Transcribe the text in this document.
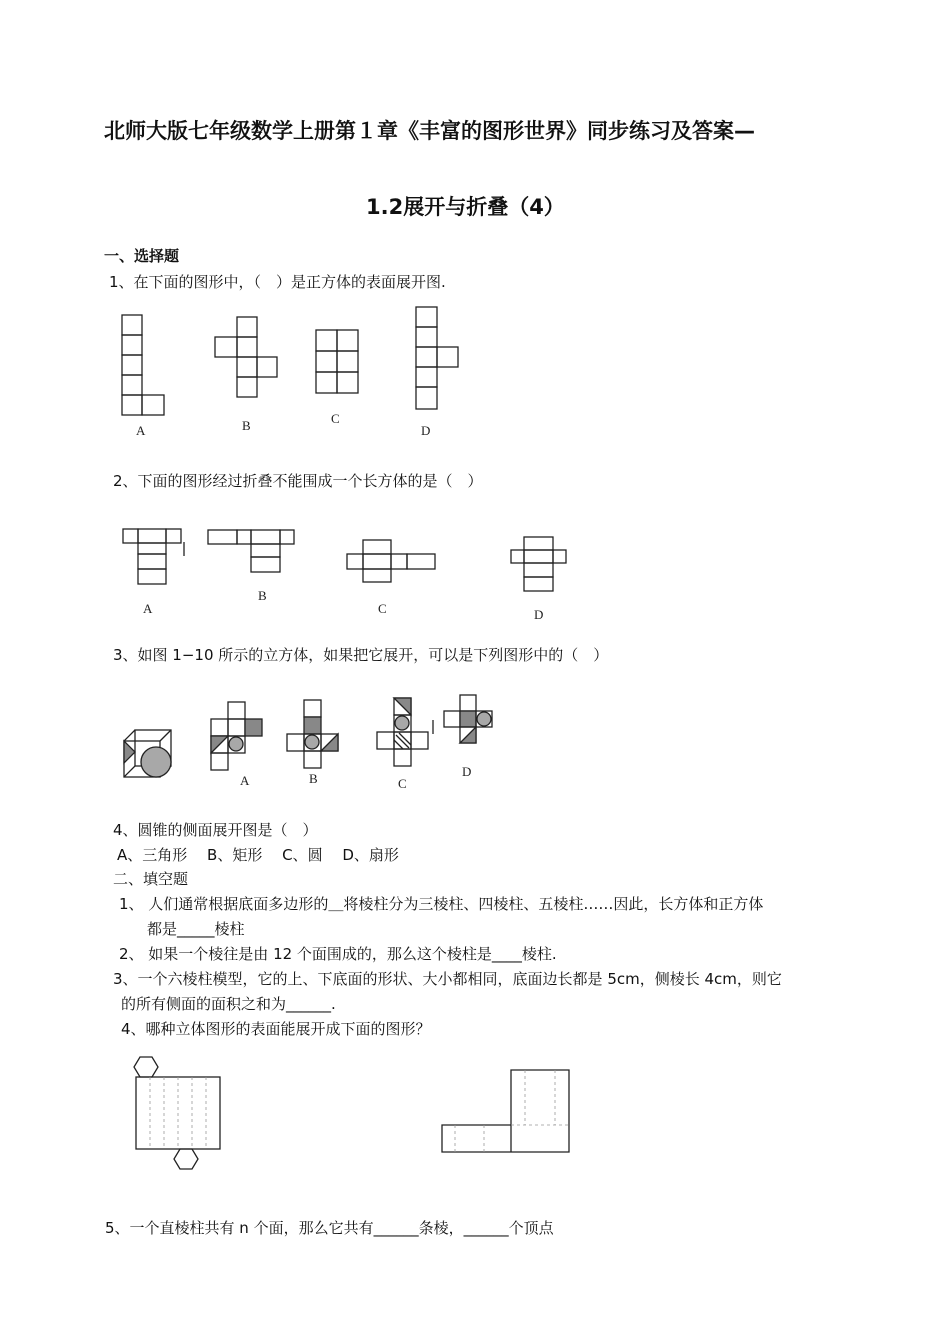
北师大版七年级数学上册第１章《丰富的图形世界》同步练习及答案—
1.2展开与折叠（4）
一、选择题
1、在下面的图形中，（　）是正方体的表面展开图.
A	B	C
D
2、下面的图形经过折叠不能围成一个长方体的是（　）
A
B
C	D
3、如图 1−10 所示的立方体，如果把它展开，可以是下列图形中的（　）
A	B	C
D
4、圆锥的侧面展开图是（　）
A、三角形　 B、矩形　 C、圆　 D、扇形
二、填空题
1、 人们通常根据底面多边形的＿将棱柱分为三棱柱、四棱柱、五棱柱……因此，长方体和正方体
都是_____棱柱
2、 如果一个棱往是由 12 个面围成的，那么这个棱柱是____棱柱.
3、一个六棱柱模型，它的上、下底面的形状、大小都相同，底面边长都是 5cm，侧棱长 4cm，则它
的所有侧面的面积之和为______.
4、哪种立体图形的表面能展开成下面的图形？
5、一个直棱柱共有 n 个面，那么它共有______条棱，______个顶点
